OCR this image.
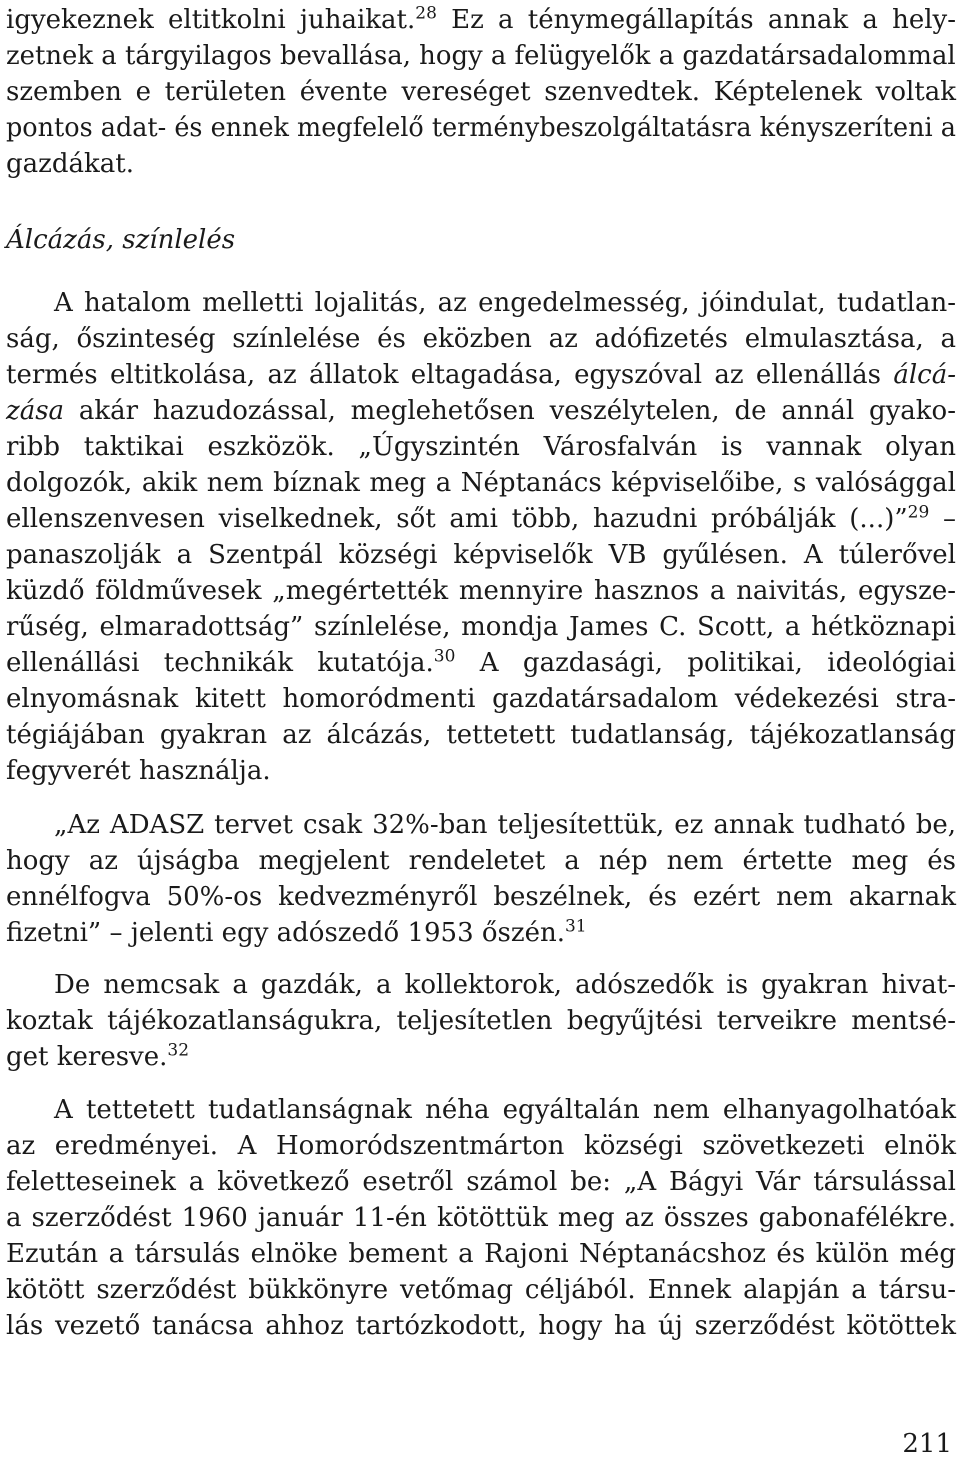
igyekeznek eltitkolni juhaikat.$^{28}$ Ez a ténymegállapítás annak a hely-
zetnek a tárgyilagos bevallása, hogy a felügyelők a gazdatársadalommal
szemben e területen évente vereséget szenvedtek. Képtelenek voltak
pontos adat- és ennek megfelelő terménybeszolgáltatásra kényszeríteni a
gazdákat.
Álcázás, színlelés
A hatalom melletti lojalitás, az engedelmesség, jóindulat, tudatlan-
ság, őszinteség színlelése és eközben az adófizetés elmulasztása, a
termés eltitkolása, az állatok eltagadása, egyszóval az ellenállás álcá-
zása akár hazudozással, meglehetősen veszélytelen, de annál gyako-
ribb taktikai eszközök. „Úgyszintén Városfalván is vannak olyan
dolgozók, akik nem bíznak meg a Néptanács képviselőibe, s valósággal
ellenszenvesen viselkednek, sőt ami több, hazudni próbálják (...)”$^{29}$ –
panaszolják a Szentpál községi képviselők VB gyűlésen. A túlerővel
küzdő földművesek „megértették mennyire hasznos a naivitás, egysze-
rűség, elmaradottság” színlelése, mondja James C. Scott, a hétköznapi
ellenállási technikák kutatója.$^{30}$ A gazdasági, politikai, ideológiai
elnyomásnak kitett homoródmenti gazdatársadalom védekezési stra-
tégiájában gyakran az álcázás, tettetett tudatlanság, tájékozatlanság
fegyverét használja.
„Az ADASZ tervet csak 32%-ban teljesítettük, ez annak tudható be,
hogy az újságba megjelent rendeletet a nép nem értette meg és
ennélfogva 50%-os kedvezményről beszélnek, és ezért nem akarnak
fizetni” – jelenti egy adószedő 1953 őszén.$^{31}$
De nemcsak a gazdák, a kollektorok, adószedők is gyakran hivat-
koztak tájékozatlanságukra, teljesítetlen begyűjtési terveikre mentsé-
get keresve.$^{32}$
A tettetett tudatlanságnak néha egyáltalán nem elhanyagolhatóak
az eredményei. A Homoródszentmárton községi szövetkezeti elnök
feletteseinek a következő esetről számol be: „A Bágyi Vár társulással
a szerződést 1960 január 11-én kötöttük meg az összes gabonafélékre.
Ezután a társulás elnöke bement a Rajoni Néptanácshoz és külön még
kötött szerződést bükkönyre vetőmag céljából. Ennek alapján a társu-
lás vezető tanácsa ahhoz tartózkodott, hogy ha új szerződést kötöttek
211
